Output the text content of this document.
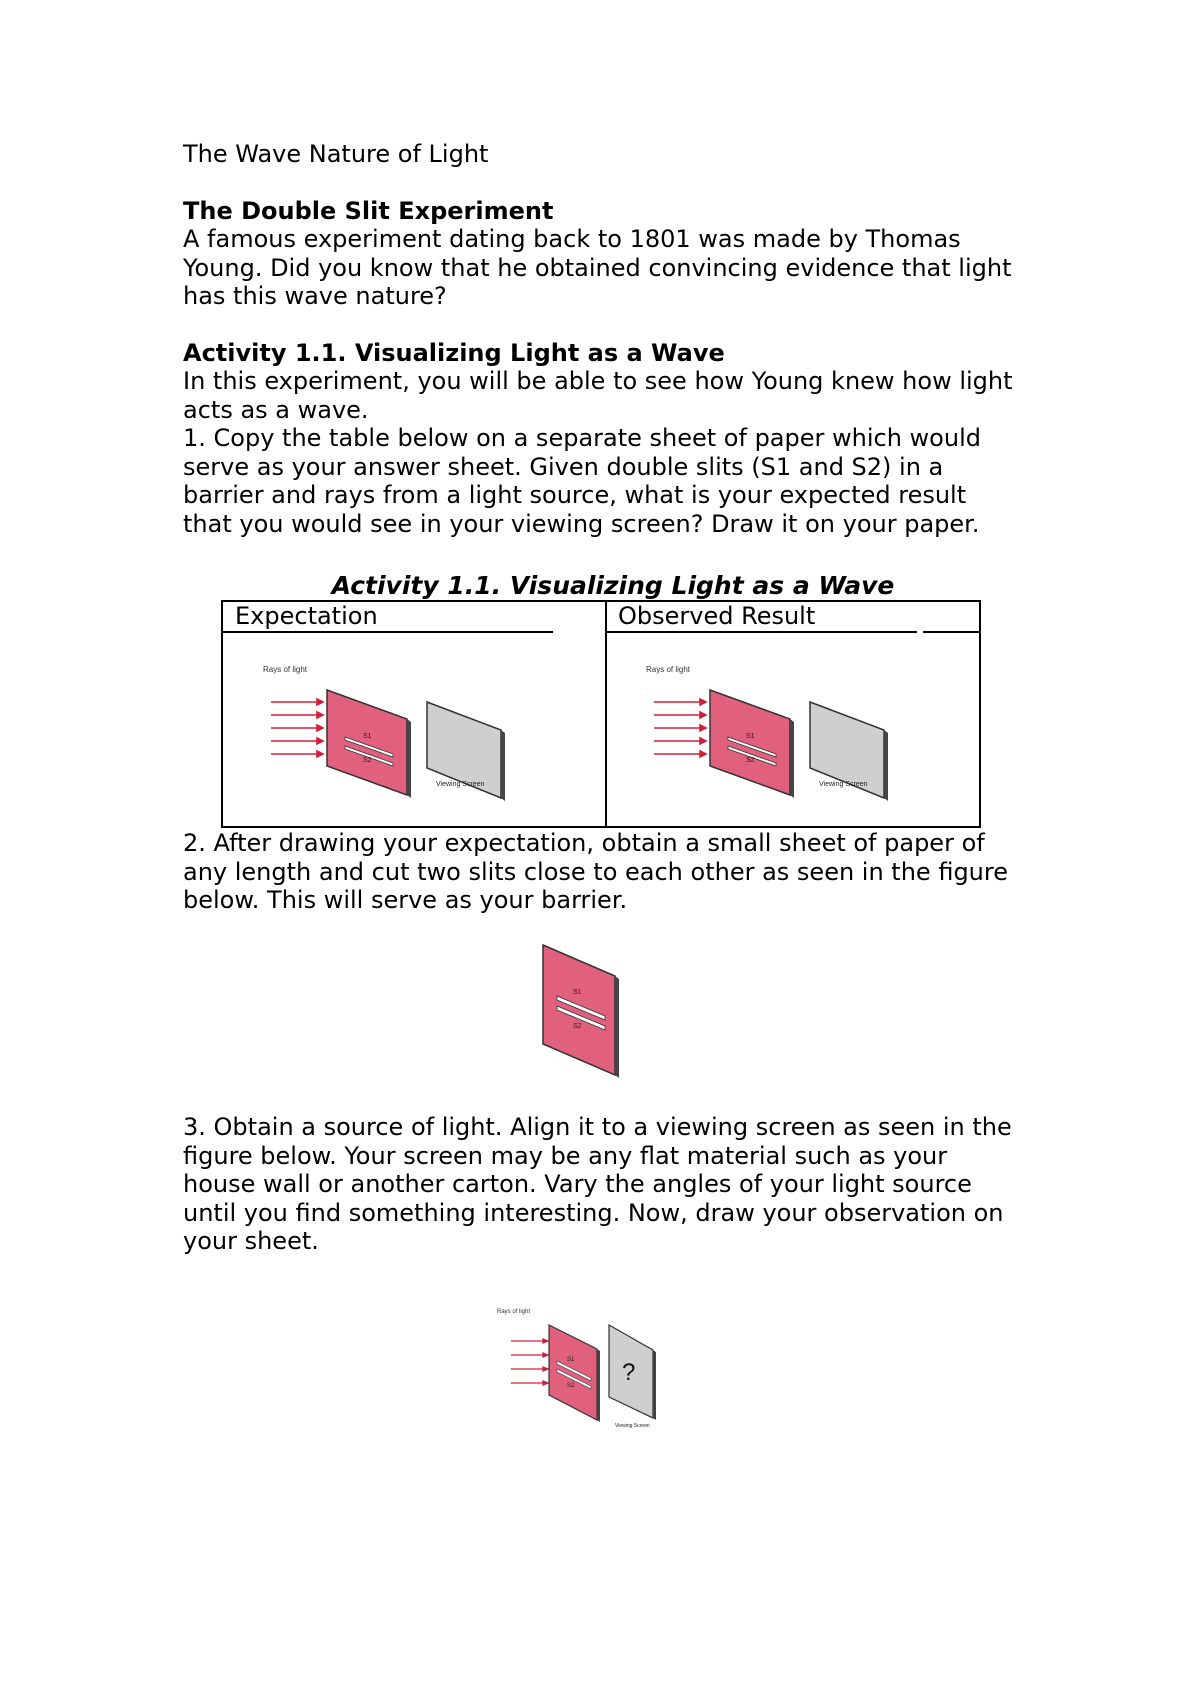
The Wave Nature of Light
The Double Slit Experiment
A famous experiment dating back to 1801 was made by Thomas
Young. Did you know that he obtained convincing evidence that light
has this wave nature?
Activity 1.1. Visualizing Light as a Wave
In this experiment, you will be able to see how Young knew how light
acts as a wave.
1. Copy the table below on a separate sheet of paper which would
serve as your answer sheet. Given double slits (S1 and S2) in a
barrier and rays from a light source, what is your expected result
that you would see in your viewing screen? Draw it on your paper.
Activity 1.1. Visualizing Light as a Wave
Expectation	Observed Result
Rays of light
S1
S2
Viewing Screen
Rays of light
S1
S2
Viewing Screen
2. After drawing your expectation, obtain a small sheet of paper of
any length and cut two slits close to each other as seen in the figure
below. This will serve as your barrier.
S1
S2
3. Obtain a source of light. Align it to a viewing screen as seen in the
figure below. Your screen may be any flat material such as your
house wall or another carton. Vary the angles of your light source
until you find something interesting. Now, draw your observation on
your sheet.
Rays of light
S1
S2 ?
Viewing Screen
